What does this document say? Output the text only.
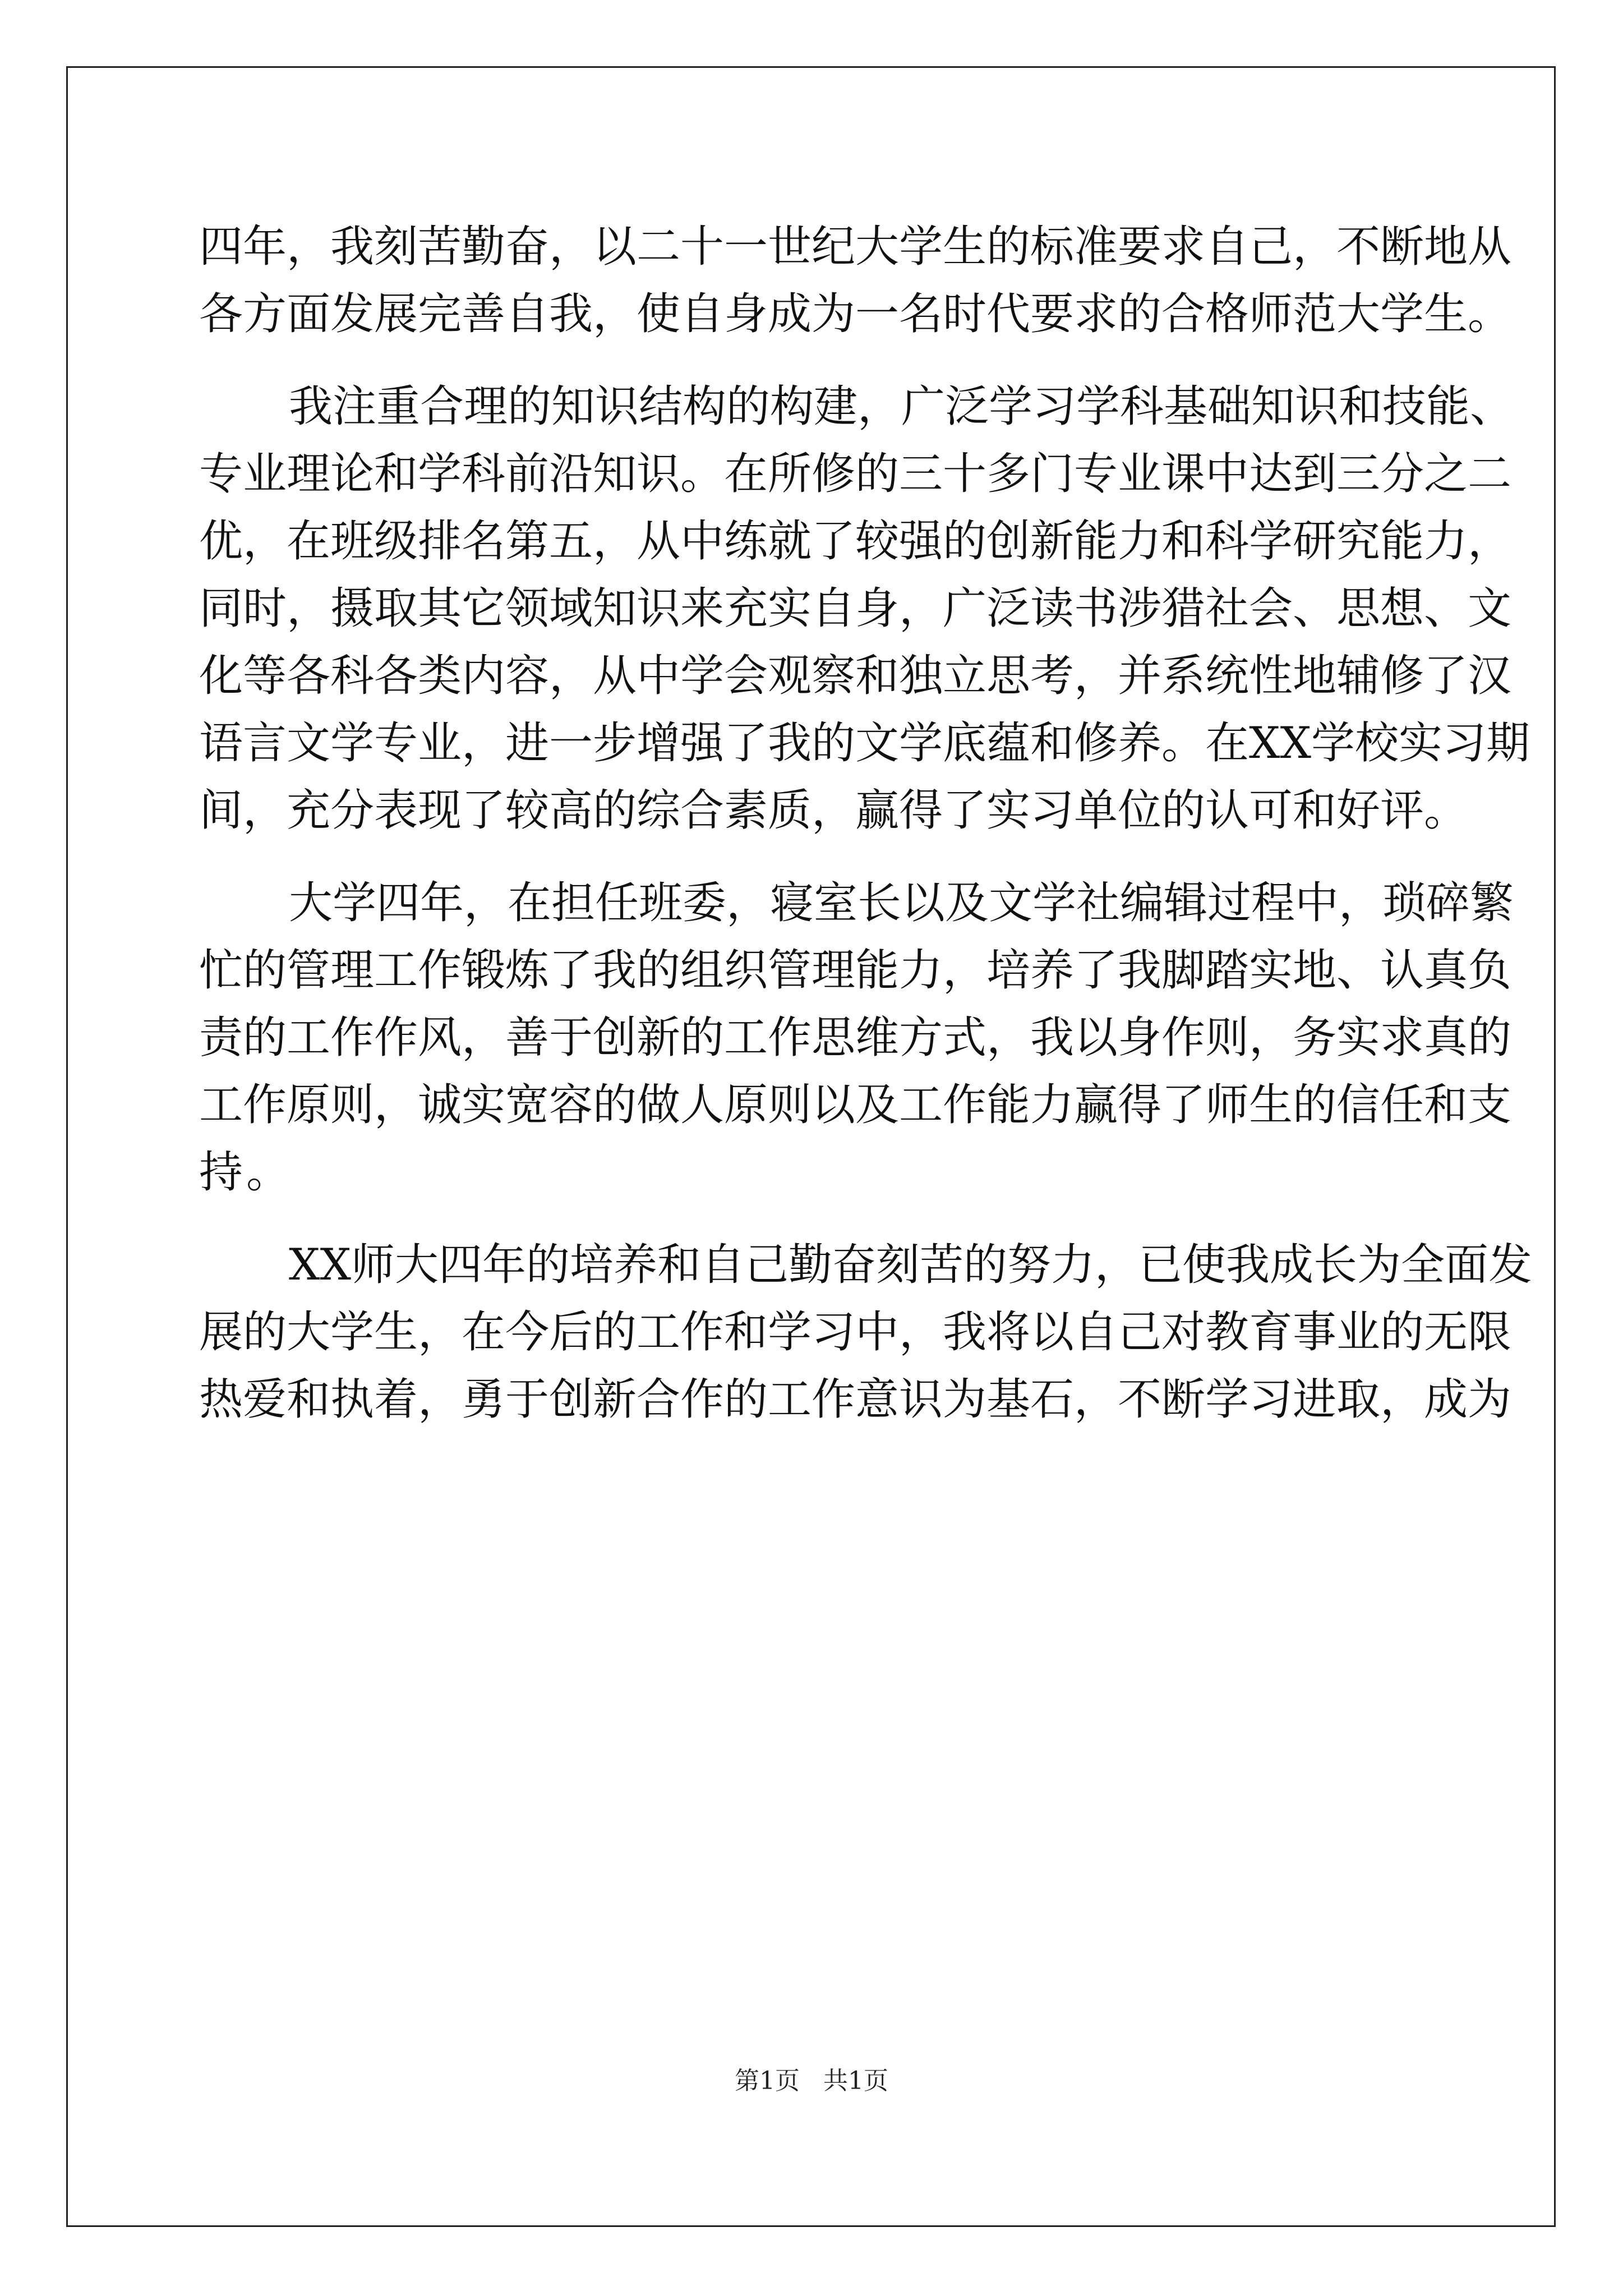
四年，我刻苦勤奋，以二十一世纪大学生的标准要求自己，不断地从
各方面发展完善自我，使自身成为一名时代要求的合格师范大学生。
我注重合理的知识结构的构建，广泛学习学科基础知识和技能、
专业理论和学科前沿知识。在所修的三十多门专业课中达到三分之二
优，在班级排名第五，从中练就了较强的创新能力和科学研究能力，
同时，摄取其它领域知识来充实自身，广泛读书涉猎社会、思想、文
化等各科各类内容，从中学会观察和独立思考，并系统性地辅修了汉
语言文学专业，进一步增强了我的文学底蕴和修养。在XX学校实习期
间，充分表现了较高的综合素质，赢得了实习单位的认可和好评。
大学四年，在担任班委，寝室长以及文学社编辑过程中，琐碎繁
忙的管理工作锻炼了我的组织管理能力，培养了我脚踏实地、认真负
责的工作作风，善于创新的工作思维方式，我以身作则，务实求真的
工作原则，诚实宽容的做人原则以及工作能力赢得了师生的信任和支
持。
XX师大四年的培养和自己勤奋刻苦的努力，已使我成长为全面发
展的大学生，在今后的工作和学习中，我将以自己对教育事业的无限
热爱和执着，勇于创新合作的工作意识为基石，不断学习进取，成为
第1页 共1页
